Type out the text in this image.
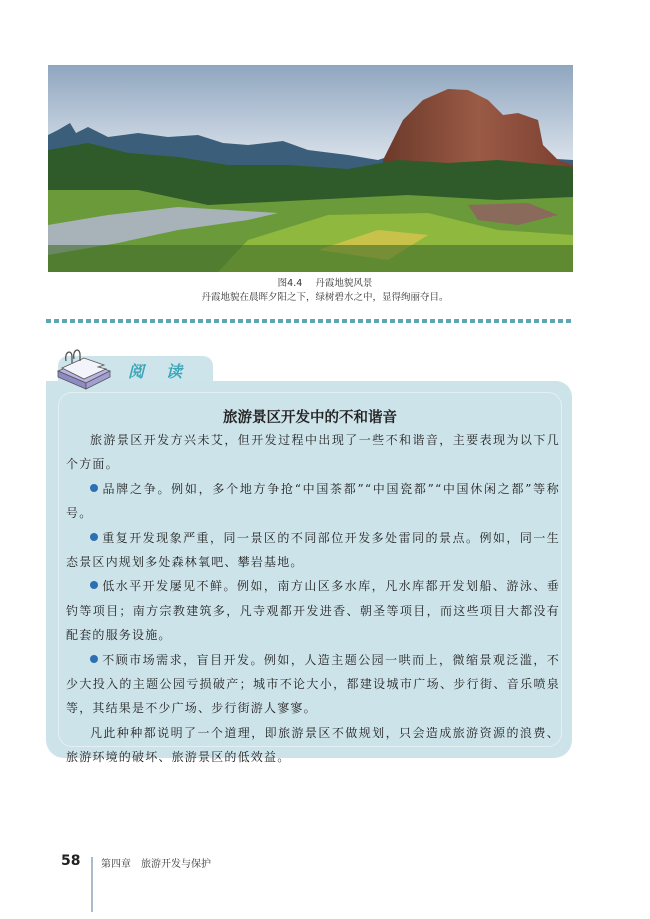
图4.4 丹霞地貌风景
丹霞地貌在晨晖夕阳之下，绿树碧水之中，显得绚丽夺目。
阅读
旅游景区开发中的不和谐音

旅游景区开发方兴未艾，但开发过程中出现了一些不和谐音，主要表现为以下几个方面。

品牌之争。例如，多个地方争抢“中国茶都”“中国瓷都”“中国休闲之都”等称号。

重复开发现象严重，同一景区的不同部位开发多处雷同的景点。例如，同一生态景区内规划多处森林氧吧、攀岩基地。

低水平开发屡见不鲜。例如，南方山区多水库，凡水库都开发划船、游泳、垂钓等项目；南方宗教建筑多，凡寺观都开发进香、朝圣等项目，而这些项目大都没有配套的服务设施。

不顾市场需求，盲目开发。例如，人造主题公园一哄而上，微缩景观泛滥，不少大投入的主题公园亏损破产；城市不论大小，都建设城市广场、步行街、音乐喷泉等，其结果是不少广场、步行街游人寥寥。

凡此种种都说明了一个道理，即旅游景区不做规划，只会造成旅游资源的浪费、旅游环境的破坏、旅游景区的低效益。

58 第四章 旅游开发与保护
